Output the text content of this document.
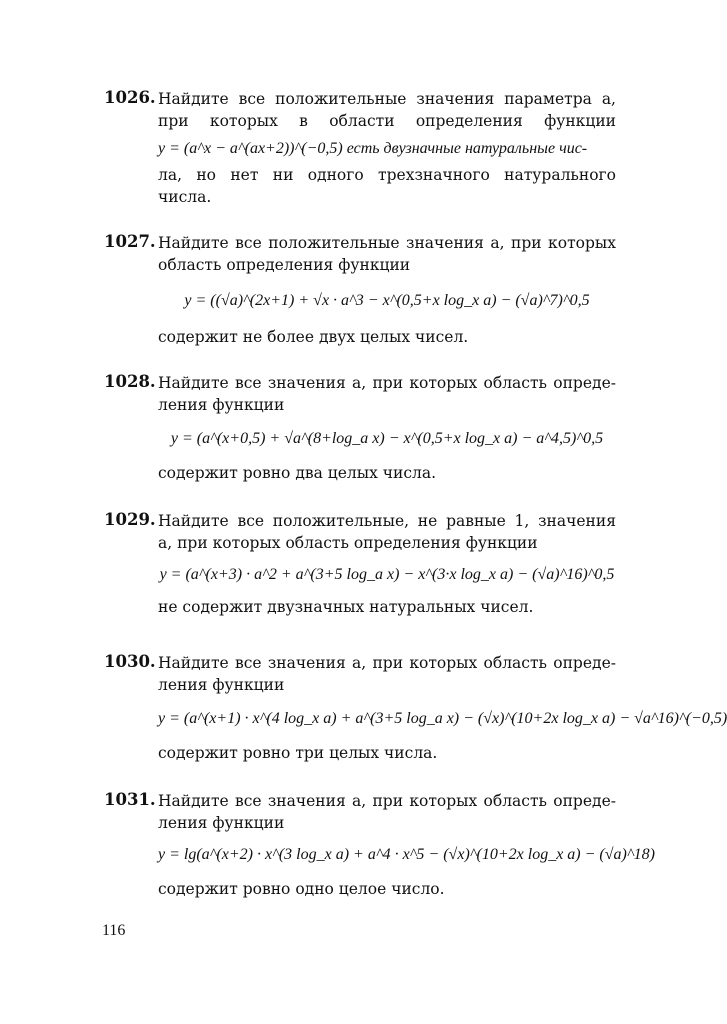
1026. Найдите все положительные значения параметра a,
при которых в области определения функции
y = (a^x − a^(ax+2))^(−0,5) есть двузначные натуральные чис-
ла, но нет ни одного трехзначного натурального
числа.
1027. Найдите все положительные значения a, при которых
область определения функции
y = ((√a)^(2x+1) + √x · a^3 − x^(0,5+x log_x a) − (√a)^7)^0,5
содержит не более двух целых чисел.
1028. Найдите все значения a, при которых область опреде-
ления функции
y = (a^(x+0,5) + √a^(8+log_a x) − x^(0,5+x log_x a) − a^4,5)^0,5
содержит ровно два целых числа.
1029. Найдите все положительные, не равные 1, значения
a, при которых область определения функции
y = (a^(x+3) · a^2 + a^(3+5 log_a x) − x^(3·x log_x a) − (√a)^16)^0,5
не содержит двузначных натуральных чисел.
1030. Найдите все значения a, при которых область опреде-
ления функции
y = (a^(x+1) · x^(4 log_x a) + a^(3+5 log_a x) − (√x)^(10+2x log_x a) − √a^16)^(−0,5)
содержит ровно три целых числа.
1031. Найдите все значения a, при которых область опреде-
ления функции
y = lg(a^(x+2) · x^(3 log_x a) + a^4 · x^5 − (√x)^(10+2x log_x a) − (√a)^18)
содержит ровно одно целое число.
116
